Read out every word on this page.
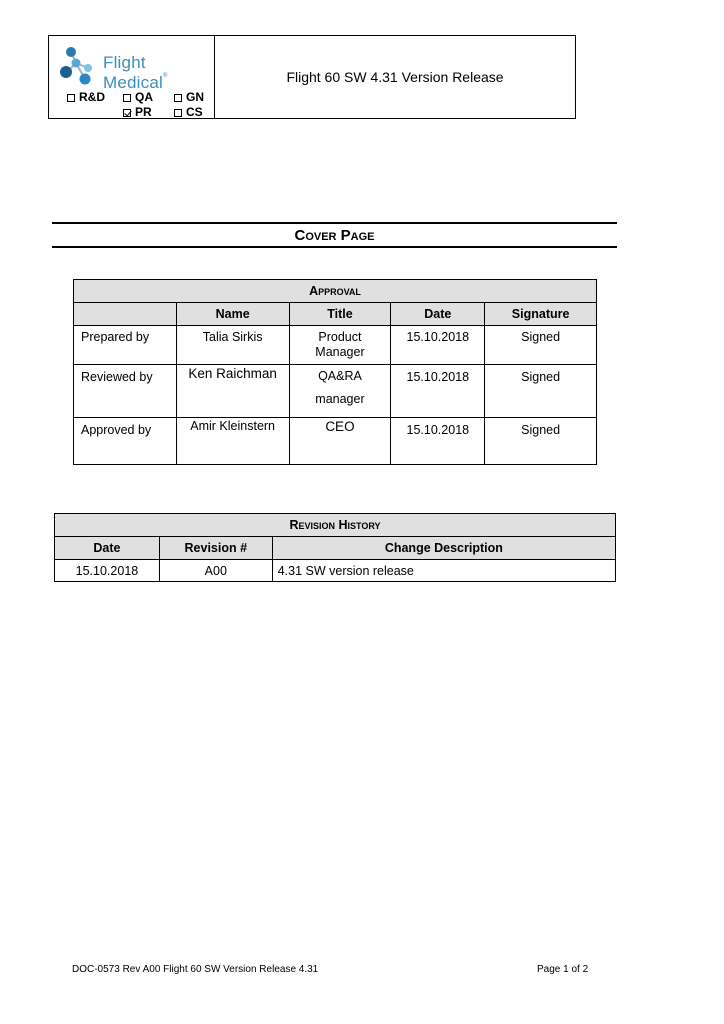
Flight Medical®
R&D	QA	GN
PR	CS
Flight 60 SW 4.31 Version Release
Cover Page
Approval				
	Name	Title	Date	Signature
Prepared by	Talia Sirkis	Product Manager	15.10.2018	Signed
Reviewed by	Ken Raichman	QA&RA manager	15.10.2018	Signed
Approved by	Amir Kleinstern	CEO	15.10.2018	Signed
Revision History		
Date	Revision #	Change Description
15.10.2018	A00	4.31 SW version release
DOC-0573 Rev A00 Flight 60 SW Version Release 4.31	Page 1 of 2
